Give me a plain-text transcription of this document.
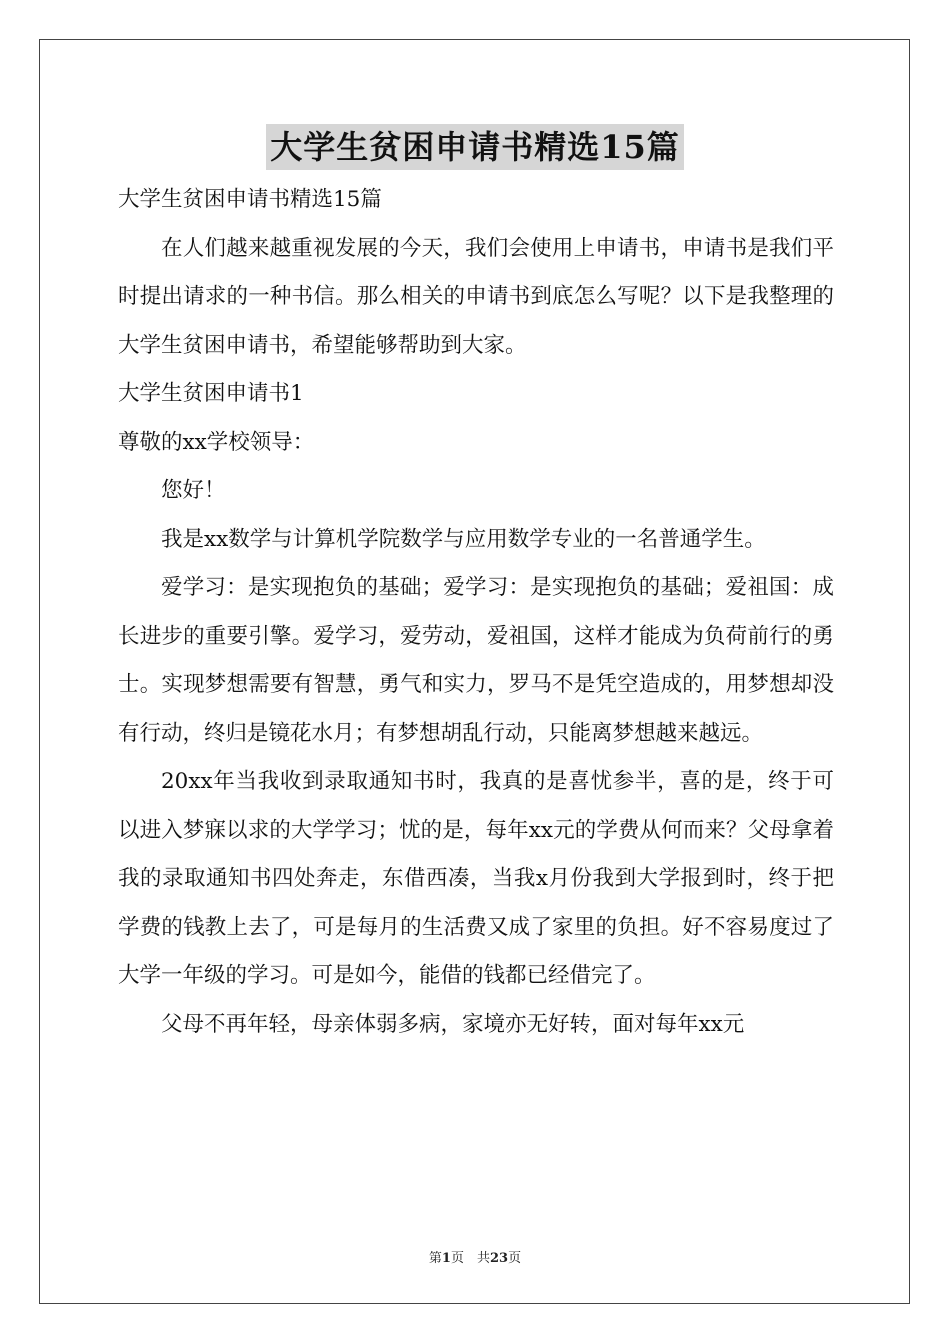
大学生贫困申请书精选15篇

大学生贫困申请书精选15篇

在人们越来越重视发展的今天，我们会使用上申请书，申请书是我们平时提出请求的一种书信。那么相关的申请书到底怎么写呢？以下是我整理的大学生贫困申请书，希望能够帮助到大家。

大学生贫困申请书1

尊敬的xx学校领导：

您好！

我是xx数学与计算机学院数学与应用数学专业的一名普通学生。

爱学习：是实现抱负的基础；爱学习：是实现抱负的基础；爱祖国：成长进步的重要引擎。爱学习，爱劳动，爱祖国，这样才能成为负荷前行的勇士。实现梦想需要有智慧，勇气和实力，罗马不是凭空造成的，用梦想却没有行动，终归是镜花水月；有梦想胡乱行动，只能离梦想越来越远。

20xx年当我收到录取通知书时，我真的是喜忧参半，喜的是，终于可以进入梦寐以求的大学学习；忧的是，每年xx元的学费从何而来？父母拿着我的录取通知书四处奔走，东借西凑，当我x月份我到大学报到时，终于把学费的钱教上去了，可是每月的生活费又成了家里的负担。好不容易度过了大学一年级的学习。可是如今，能借的钱都已经借完了。

父母不再年轻，母亲体弱多病，家境亦无好转，面对每年xx元

第1页　共23页
